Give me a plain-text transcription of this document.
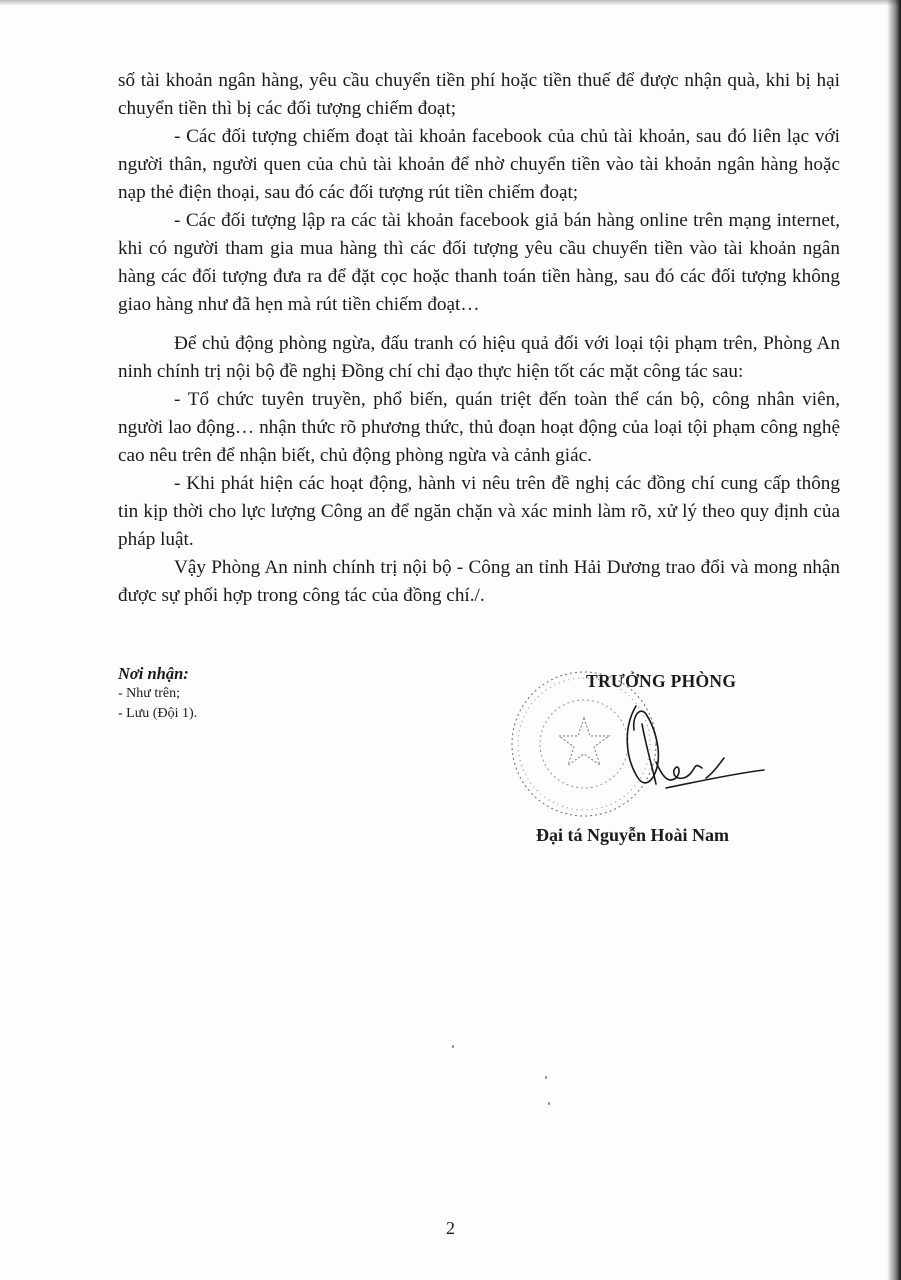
số tài khoản ngân hàng, yêu cầu chuyển tiền phí hoặc tiền thuế để được nhận quà, khi bị hại chuyển tiền thì bị các đối tượng chiếm đoạt;

- Các đối tượng chiếm đoạt tài khoản facebook của chủ tài khoản, sau đó liên lạc với người thân, người quen của chủ tài khoản để nhờ chuyển tiền vào tài khoản ngân hàng hoặc nạp thẻ điện thoại, sau đó các đối tượng rút tiền chiếm đoạt;

- Các đối tượng lập ra các tài khoản facebook giả bán hàng online trên mạng internet, khi có người tham gia mua hàng thì các đối tượng yêu cầu chuyển tiền vào tài khoản ngân hàng các đối tượng đưa ra để đặt cọc hoặc thanh toán tiền hàng, sau đó các đối tượng không giao hàng như đã hẹn mà rút tiền chiếm đoạt…

Để chủ động phòng ngừa, đấu tranh có hiệu quả đối với loại tội phạm trên, Phòng An ninh chính trị nội bộ đề nghị Đồng chí chỉ đạo thực hiện tốt các mặt công tác sau:

- Tổ chức tuyên truyền, phổ biến, quán triệt đến toàn thể cán bộ, công nhân viên, người lao động… nhận thức rõ phương thức, thủ đoạn hoạt động của loại tội phạm công nghệ cao nêu trên để nhận biết, chủ động phòng ngừa và cảnh giác.

- Khi phát hiện các hoạt động, hành vi nêu trên đề nghị các đồng chí cung cấp thông tin kịp thời cho lực lượng Công an để ngăn chặn và xác minh làm rõ, xử lý theo quy định của pháp luật.

Vậy Phòng An ninh chính trị nội bộ - Công an tỉnh Hải Dương trao đổi và mong nhận được sự phối hợp trong công tác của đồng chí./.

Nơi nhận:
- Như trên;
- Lưu (Đội 1).
TRƯỞNG PHÒNG
Đại tá Nguyễn Hoài Nam
2
